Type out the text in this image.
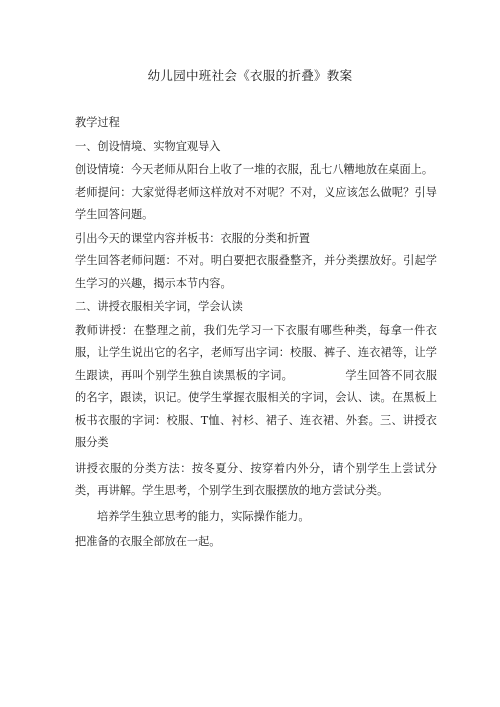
幼儿园中班社会《衣服的折叠》教案

教学过程

一、创设情境、实物宜观导入

创设情境：今天老师从阳台上收了一堆的衣服，乱七八糟地放在桌面上。

老师提问：大家觉得老师这样放对不对呢？不对，义应该怎么做呢？引导学生回答问题。

引出今天的课堂内容并板书：衣服的分类和折置

学生回答老师问题：不对。明白要把衣服叠整齐，并分类摆放好。引起学生学习的兴趣，揭示本节内容。

二、讲授衣服相关字词，学会认读

教师讲授：在整理之前，我们先学习一下衣服有哪些种类，每拿一件衣服，让学生说出它的名字，老师写出字词：校服、裤子、连衣裙等，让学生跟读，再叫个别学生独自读黑板的字词。	学生回答不同衣服的名字，跟读，识记。使学生掌握衣服相关的字词，会认、读。在黑板上板书衣服的字词：校服、T恤、衬杉、裙子、连衣裙、外套。三、讲授衣服分类

讲授衣服的分类方法：按冬夏分、按穿着内外分，请个别学生上尝试分类，再讲解。学生思考，个别学生到衣服摆放的地方尝试分类。

培养学生独立思考的能力，实际操作能力。

把准备的衣服全部放在一起。
